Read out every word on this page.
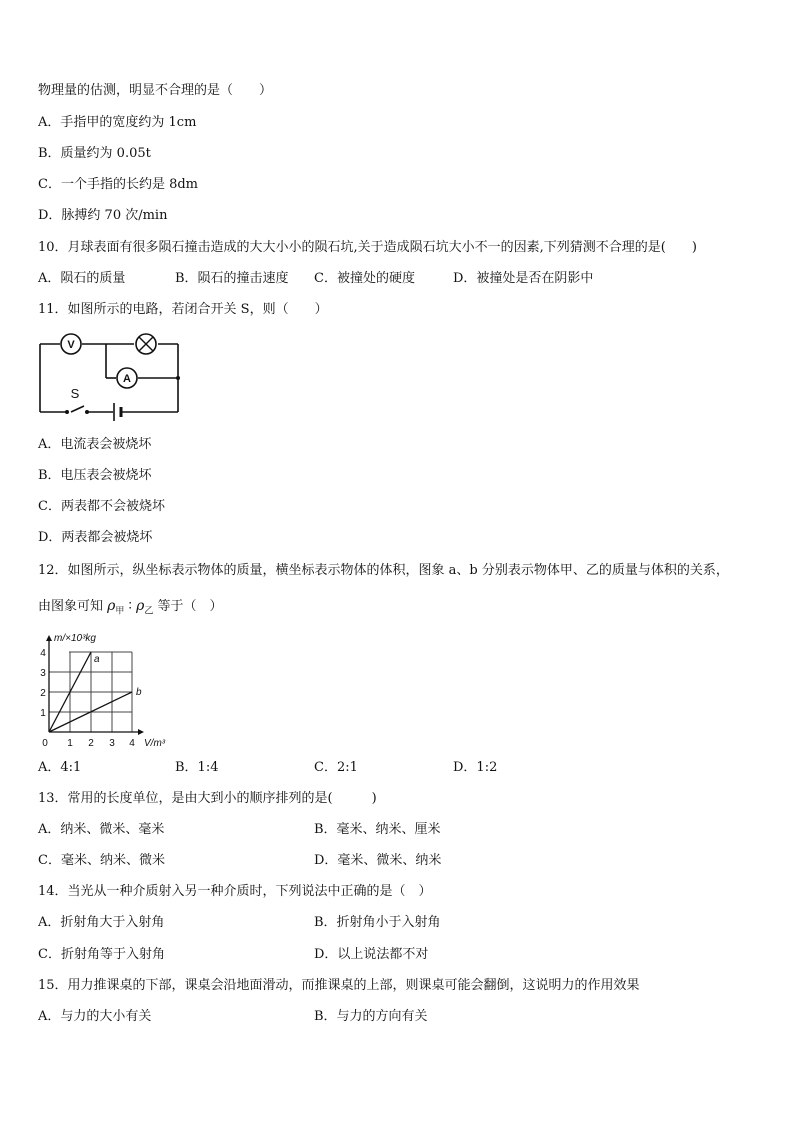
物理量的估测，明显不合理的是（　　）
A．手指甲的宽度约为 1cm
B．质量约为 0.05t
C．一个手指的长约是 8dm
D．脉搏约 70 次/min
10．月球表面有很多陨石撞击造成的大大小小的陨石坑,关于造成陨石坑大小不一的因素,下列猜测不合理的是(　　)
A．陨石的质量	B．陨石的撞击速度 C．被撞处的硬度	D．被撞处是否在阴影中
11．如图所示的电路，若闭合开关 S，则（　　）
V
A
S
A．电流表会被烧坏
B．电压表会被烧坏
C．两表都不会被烧坏
D．两表都会被烧坏
12．如图所示，纵坐标表示物体的质量，横坐标表示物体的体积，图象 a、b 分别表示物体甲、乙的质量与体积的关系，
由图象可知 $\rho_甲$ ∶ $\rho_乙$ 等于（　）
m/×10³kg
V/m³
0 1 2 3 4
1
2
3
4
a
b
A．4:1	B．1:4	C．2:1	D．1:2
13．常用的长度单位，是由大到小的顺序排列的是(　　　)
A．纳米、微米、毫米	B．毫米、纳米、厘米
C．毫米、纳米、微米	D．毫米、微米、纳米
14．当光从一种介质射入另一种介质时，下列说法中正确的是（　）
A．折射角大于入射角	B．折射角小于入射角
C．折射角等于入射角	D．以上说法都不对
15．用力推课桌的下部，课桌会沿地面滑动，而推课桌的上部，则课桌可能会翻倒，这说明力的作用效果
A．与力的大小有关	B．与力的方向有关
